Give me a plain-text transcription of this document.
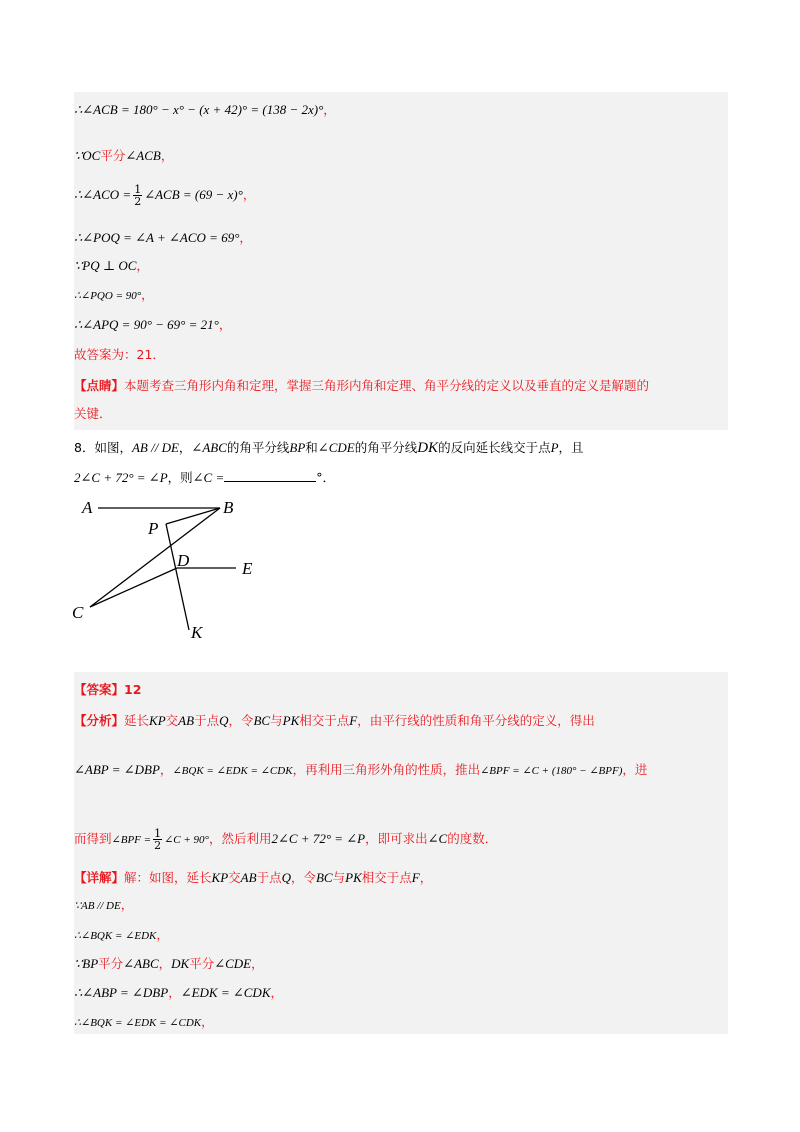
∴∠ACB = 180° − x° − (x + 42)° = (138 − 2x)°，
∵OC平分∠ACB，
∴∠ACO = $\frac{1}{2}$ ∠ACB = (69 − x)°，
∴∠POQ = ∠A + ∠ACO = 69°，
∵PQ ⊥ OC，
∴∠PQO = 90°，
∴∠APQ = 90° − 69° = 21°，
故答案为：21．
【点睛】本题考查三角形内角和定理，掌握三角形内角和定理、角平分线的定义以及垂直的定义是解题的
关键．
8．如图，AB // DE，∠ABC的角平分线BP和∠CDE的角平分线DK的反向延长线交于点P，且
2∠C + 72° = ∠P，则∠C =	°．
A	B
P
D	E
C
K
【答案】12
【分析】延长KP交AB于点Q，令BC与PK相交于点F，由平行线的性质和角平分线的定义，得出
∠ABP = ∠DBP，∠BQK = ∠EDK = ∠CDK，再利用三角形外角的性质，推出∠BPF = ∠C + (180° − ∠BPF)，进
而得到∠BPF = $\frac{1}{2}$ ∠C + 90°，然后利用2∠C + 72° = ∠P，即可求出∠C的度数．
【详解】解：如图，延长KP交AB于点Q，令BC与PK相交于点F，
∵AB // DE，
∴∠BQK = ∠EDK，
∵BP平分∠ABC，DK平分∠CDE，
∴∠ABP = ∠DBP，∠EDK = ∠CDK，
∴∠BQK = ∠EDK = ∠CDK，
